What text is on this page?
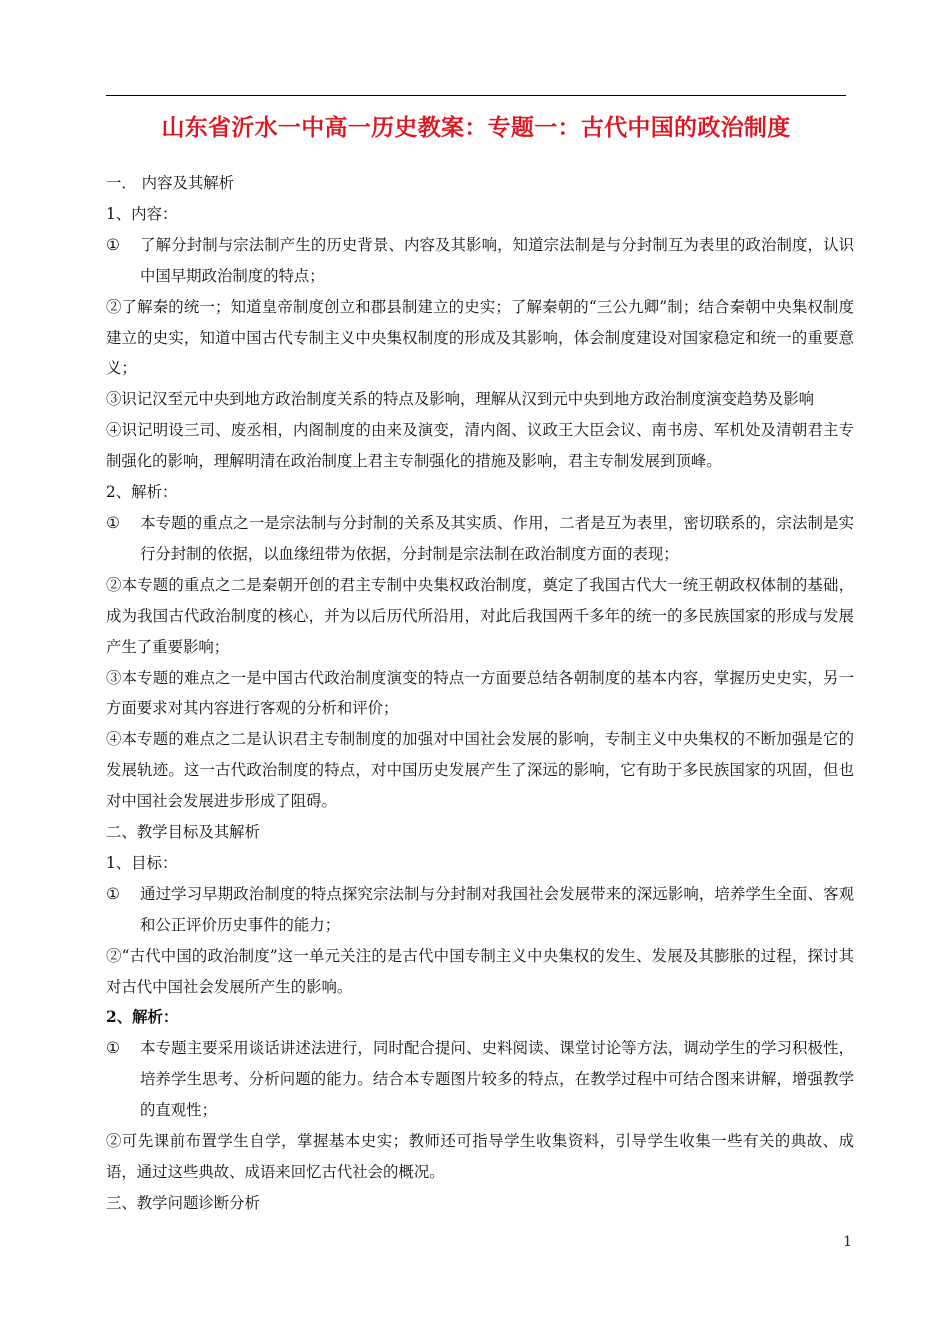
山东省沂水一中高一历史教案：专题一：古代中国的政治制度

一． 内容及其解析

1、内容：

① 了解分封制与宗法制产生的历史背景、内容及其影响，知道宗法制是与分封制互为表里的政治制度，认识中国早期政治制度的特点；

②了解秦的统一；知道皇帝制度创立和郡县制建立的史实；了解秦朝的“三公九卿”制；结合秦朝中央集权制度建立的史实，知道中国古代专制主义中央集权制度的形成及其影响，体会制度建设对国家稳定和统一的重要意义；

③识记汉至元中央到地方政治制度关系的特点及影响，理解从汉到元中央到地方政治制度演变趋势及影响

④识记明设三司、废丞相，内阁制度的由来及演变，清内阁、议政王大臣会议、南书房、军机处及清朝君主专制强化的影响，理解明清在政治制度上君主专制强化的措施及影响，君主专制发展到顶峰。

2、解析：

① 本专题的重点之一是宗法制与分封制的关系及其实质、作用，二者是互为表里，密切联系的，宗法制是实行分封制的依据，以血缘纽带为依据，分封制是宗法制在政治制度方面的表现；

②本专题的重点之二是秦朝开创的君主专制中央集权政治制度，奠定了我国古代大一统王朝政权体制的基础，成为我国古代政治制度的核心，并为以后历代所沿用，对此后我国两千多年的统一的多民族国家的形成与发展产生了重要影响；

③本专题的难点之一是中国古代政治制度演变的特点一方面要总结各朝制度的基本内容，掌握历史史实，另一方面要求对其内容进行客观的分析和评价；

④本专题的难点之二是认识君主专制制度的加强对中国社会发展的影响，专制主义中央集权的不断加强是它的发展轨迹。这一古代政治制度的特点，对中国历史发展产生了深远的影响，它有助于多民族国家的巩固，但也对中国社会发展进步形成了阻碍。

二、教学目标及其解析

1、目标：

① 通过学习早期政治制度的特点探究宗法制与分封制对我国社会发展带来的深远影响，培养学生全面、客观和公正评价历史事件的能力；

②“古代中国的政治制度”这一单元关注的是古代中国专制主义中央集权的发生、发展及其膨胀的过程，探讨其对古代中国社会发展所产生的影响。

2、解析：

① 本专题主要采用谈话讲述法进行，同时配合提问、史料阅读、课堂讨论等方法，调动学生的学习积极性，培养学生思考、分析问题的能力。结合本专题图片较多的特点，在教学过程中可结合图来讲解，增强教学的直观性；

②可先课前布置学生自学，掌握基本史实；教师还可指导学生收集资料，引导学生收集一些有关的典故、成语，通过这些典故、成语来回忆古代社会的概况。

三、教学问题诊断分析

1
